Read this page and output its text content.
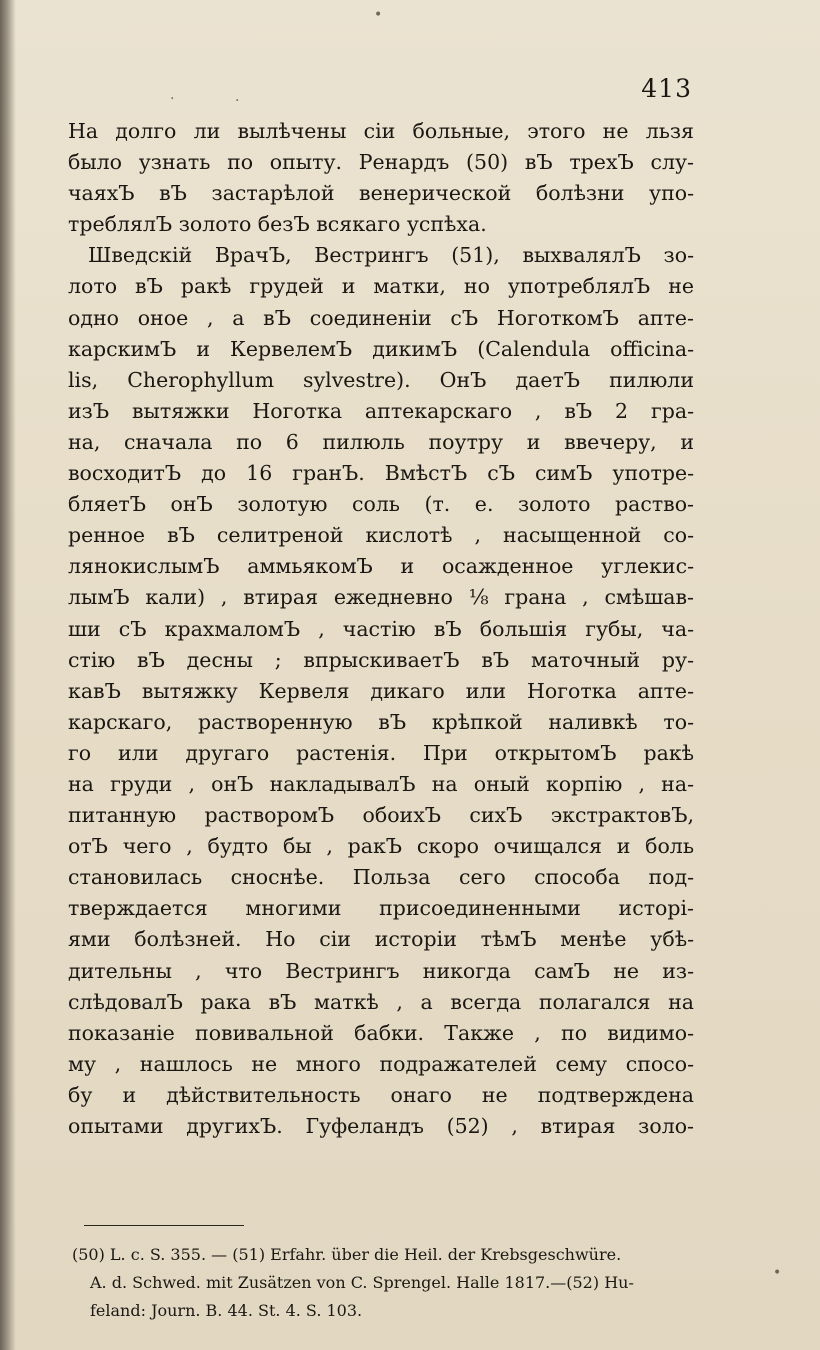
413
На долго ли вылѣчены сіи больные, этого не льзя
было узнать по опыту. Ренардъ (50) вЪ трехЪ слу-
чаяхЪ вЪ застарѣлой венерической болѣзни упо-
треблялЪ золото безЪ всякаго успѣха.
Шведскій ВрачЪ, Вестрингъ (51), выхвалялЪ зо-
лото вЪ ракѣ грудей и матки, но употреблялЪ не
одно оное , а вЪ соединеніи сЪ НоготкомЪ апте-
карскимЪ и КервелемЪ дикимЪ (Calendula officina-
lis, Cherophyllum sylvestre). ОнЪ даетЪ пилюли
изЪ вытяжки Ноготка аптекарскаго , вЪ 2 гра-
на, сначала по 6 пилюль поутру и ввечеру, и
восходитЪ до 16 гранЪ. ВмѣстЪ сЪ симЪ употре-
бляетЪ онЪ золотую соль (т. е. золото раствo-
ренное вЪ селитреной кислотѣ , насыщенной со-
лянокислымЪ аммьякомЪ и осажденное углекис-
лымЪ кали) , втирая ежедневно ⅛ грана , смѣшав-
ши сЪ крахмаломЪ , частію вЪ большія губы, ча-
стію вЪ десны ; впрыскиваетЪ вЪ маточный ру-
кавЪ вытяжку Кервеля дикаго или Ноготка апте-
карскаго, растворенную вЪ крѣпкой наливкѣ то-
го или другаго растенія. При открытомЪ ракѣ
на груди , онЪ накладывалЪ на оный корпію , на-
питанную растворомЪ обоихЪ сихЪ экстрактовЪ,
отЪ чего , будто бы , ракЪ скоро очищался и боль
становилась сноснѣе. Польза сего способа под-
тверждается многими присоединенными исторі-
ями болѣзней. Но сіи исторіи тѣмЪ менѣе убѣ-
дительны , что Вестрингъ никогда самЪ не из-
слѣдовалЪ рака вЪ маткѣ , а всегда полагался на
показаніе повивальной бабки. Также , по видимо-
му , нашлось не много подражателей сему спосо-
бу и дѣйствительность онаго не подтверждена
опытами другихЪ. Гуфеландъ (52) , втирая золо-
(50) L. c. S. 355. — (51) Erfahr. über die Heil. der Krebsgeschwüre.
A. d. Schwed. mit Zusätzen von C. Sprengel. Halle 1817.—(52) Hu-
feland: Journ. B. 44. St. 4. S. 103.
•
·	·
•
